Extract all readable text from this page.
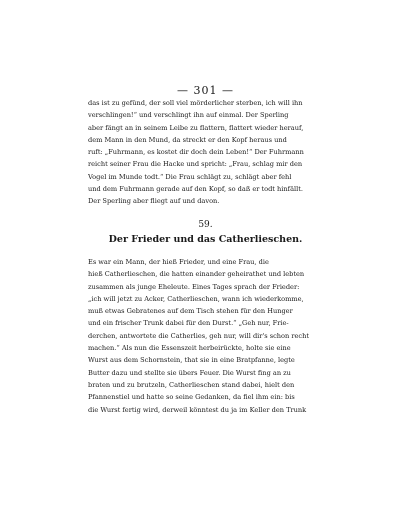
— 301 —
das ist zu gefünd, der soll viel mörderlicher sterben, ich will ihn
verschlingen!“ und verschlingt ihn auf einmal. Der Sperling
aber fängt an in seinem Leibe zu flattern, flattert wieder herauf,
dem Mann in den Mund, da streckt er den Kopf heraus und
ruft: „Fuhrmann, es kostet dir doch dein Leben!“ Der Fuhrmann
reicht seiner Frau die Hacke und spricht: „Frau, schlag mir den
Vogel im Munde todt.“ Die Frau schlägt zu, schlägt aber fehl
und dem Fuhrmann gerade auf den Kopf, so daß er todt hinfällt.
Der Sperling aber fliegt auf und davon.
59.
Der Frieder und das Catherlieschen.
Es war ein Mann, der hieß Frieder, und eine Frau, die
hieß Catherlieschen, die hatten einander geheirathet und lebten
zusammen als junge Eheleute. Eines Tages sprach der Frieder:
„ich will jetzt zu Acker, Catherlieschen, wann ich wiederkomme,
muß etwas Gebratenes auf dem Tisch stehen für den Hunger
und ein frischer Trunk dabei für den Durst.“ „Geh nur, Frie-
derchen, antwortete die Catherlies, geh nur, will dir's schon recht
machen.“ Als nun die Essenszeit herbeirückte, holte sie eine
Wurst aus dem Schornstein, that sie in eine Bratpfanne, legte
Butter dazu und stellte sie übers Feuer. Die Wurst fing an zu
braten und zu brutzeln, Catherlieschen stand dabei, hielt den
Pfannenstiel und hatte so seine Gedanken, da fiel ihm ein: bis
die Wurst fertig wird, derweil könntest du ja im Keller den Trunk
